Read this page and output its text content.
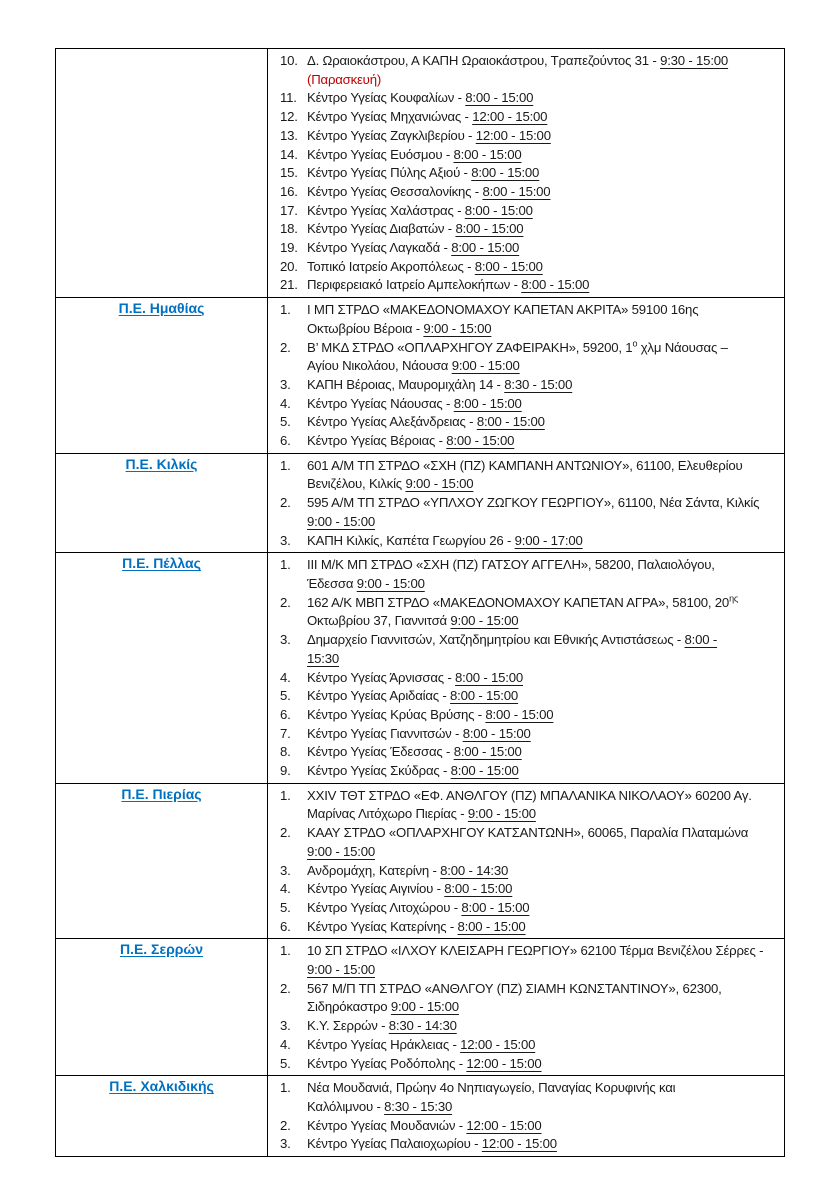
10. Δ. Ωραιοκάστρου, Α ΚΑΠΗ Ωραιοκάστρου, Τραπεζούντος 31 - 9:30 - 15:00
(Παρασκευή)
11. Κέντρο Υγείας Κουφαλίων - 8:00 - 15:00
12. Κέντρο Υγείας Μηχανιώνας - 12:00 - 15:00
13. Κέντρο Υγείας Ζαγκλιβερίου - 12:00 - 15:00
14. Κέντρο Υγείας Ευόσμου - 8:00 - 15:00
15. Κέντρο Υγείας Πύλης Αξιού - 8:00 - 15:00
16. Κέντρο Υγείας Θεσσαλονίκης - 8:00 - 15:00
17. Κέντρο Υγείας Χαλάστρας - 8:00 - 15:00
18. Κέντρο Υγείας Διαβατών - 8:00 - 15:00
19. Κέντρο Υγείας Λαγκαδά - 8:00 - 15:00
20. Τοπικό Ιατρείο Ακροπόλεως - 8:00 - 15:00
21. Περιφερειακό Ιατρείο Αμπελοκήπων - 8:00 - 15:00

Π.Ε. Ημαθίας	1.	Ι ΜΠ ΣΤΡΔΟ «ΜΑΚΕΔΟΝΟΜΑΧΟΥ ΚΑΠΕΤΑΝ ΑΚΡΙΤΑ» 59100 16ης
Οκτωβρίου Βέροια - 9:00 - 15:00
2.	Β’ ΜΚΔ ΣΤΡΔΟ «ΟΠΛΑΡΧΗΓΟΥ ΖΑΦΕΙΡΑΚΗ», 59200, $1^o$ χλμ Νάουσας –
Αγίου Νικολάου, Νάουσα 9:00 - 15:00
3.	ΚΑΠΗ Βέροιας, Μαυρομιχάλη 14 - 8:30 - 15:00
4.	Κέντρο Υγείας Νάουσας - 8:00 - 15:00
5.	Κέντρο Υγείας Αλεξάνδρειας - 8:00 - 15:00
6.	Κέντρο Υγείας Βέροιας - 8:00 - 15:00

Π.Ε. Κιλκίς	1.	601 Α/Μ ΤΠ ΣΤΡΔΟ «ΣΧΗ (ΠΖ) ΚΑΜΠΑΝΗ ΑΝΤΩΝΙΟΥ», 61100, Ελευθερίου
Βενιζέλου, Κιλκίς 9:00 - 15:00
2.	595 Α/Μ ΤΠ ΣΤΡΔΟ «ΥΠΛΧΟΥ ΖΩΓΚΟΥ ΓΕΩΡΓΙΟΥ», 61100, Νέα Σάντα, Κιλκίς
9:00 - 15:00
3.	ΚΑΠΗ Κιλκίς, Καπέτα Γεωργίου 26 - 9:00 - 17:00

Π.Ε. Πέλλας	1.	ΙΙΙ Μ/Κ ΜΠ ΣΤΡΔΟ «ΣΧΗ (ΠΖ) ΓΑΤΣΟΥ ΑΓΓΕΛΗ», 58200, Παλαιολόγου,
Έδεσσα 9:00 - 15:00
2.	162 Α/Κ ΜΒΠ ΣΤΡΔΟ «ΜΑΚΕΔΟΝΟΜΑΧΟΥ ΚΑΠΕΤΑΝ ΑΓΡΑ», 58100, $20^{\eta\varsigma}$
Οκτωβρίου 37, Γιαννιτσά 9:00 - 15:00
3.	Δημαρχείο Γιαννιτσών, Χατζηδημητρίου και Εθνικής Αντιστάσεως - 8:00 -
15:30
4.	Κέντρο Υγείας Άρνισσας - 8:00 - 15:00
5.	Κέντρο Υγείας Αριδαίας - 8:00 - 15:00
6.	Κέντρο Υγείας Κρύας Βρύσης - 8:00 - 15:00
7.	Κέντρο Υγείας Γιαννιτσών - 8:00 - 15:00
8.	Κέντρο Υγείας Έδεσσας - 8:00 - 15:00
9.	Κέντρο Υγείας Σκύδρας - 8:00 - 15:00

Π.Ε. Πιερίας	1.	XXIV ΤΘΤ ΣΤΡΔΟ «ΕΦ. ΑΝΘΛΓΟΥ (ΠΖ) ΜΠΑΛΑΝΙΚΑ ΝΙΚΟΛΑΟΥ» 60200 Αγ.
Μαρίνας Λιτόχωρο Πιερίας - 9:00 - 15:00
2.	ΚΑΑΥ ΣΤΡΔΟ «ΟΠΛΑΡΧΗΓΟΥ ΚΑΤΣΑΝΤΩΝΗ», 60065, Παραλία Πλαταμώνα
9:00 - 15:00
3.	Ανδρομάχη, Κατερίνη - 8:00 - 14:30
4.	Κέντρο Υγείας Αιγινίου - 8:00 - 15:00
5.	Κέντρο Υγείας Λιτοχώρου - 8:00 - 15:00
6.	Κέντρο Υγείας Κατερίνης - 8:00 - 15:00

Π.Ε. Σερρών	1.	10 ΣΠ ΣΤΡΔΟ «ΙΛΧΟΥ ΚΛΕΙΣΑΡΗ ΓΕΩΡΓΙΟΥ» 62100 Τέρμα Βενιζέλου Σέρρες -
9:00 - 15:00
2.	567 Μ/Π ΤΠ ΣΤΡΔΟ «ΑΝΘΛΓΟΥ (ΠΖ) ΣΙΑΜΗ ΚΩΝΣΤΑΝΤΙΝΟΥ», 62300,
Σιδηρόκαστρο 9:00 - 15:00
3.	Κ.Υ. Σερρών - 8:30 - 14:30
4.	Κέντρο Υγείας Ηράκλειας - 12:00 - 15:00
5.	Κέντρο Υγείας Ροδόπολης - 12:00 - 15:00

Π.Ε. Χαλκιδικής	1.	Νέα Μουδανιά, Πρώην 4ο Νηπιαγωγείο, Παναγίας Κορυφινής και
Καλόλιμνου - 8:30 - 15:30
2.	Κέντρο Υγείας Μουδανιών - 12:00 - 15:00
3.	Κέντρο Υγείας Παλαιοχωρίου - 12:00 - 15:00
